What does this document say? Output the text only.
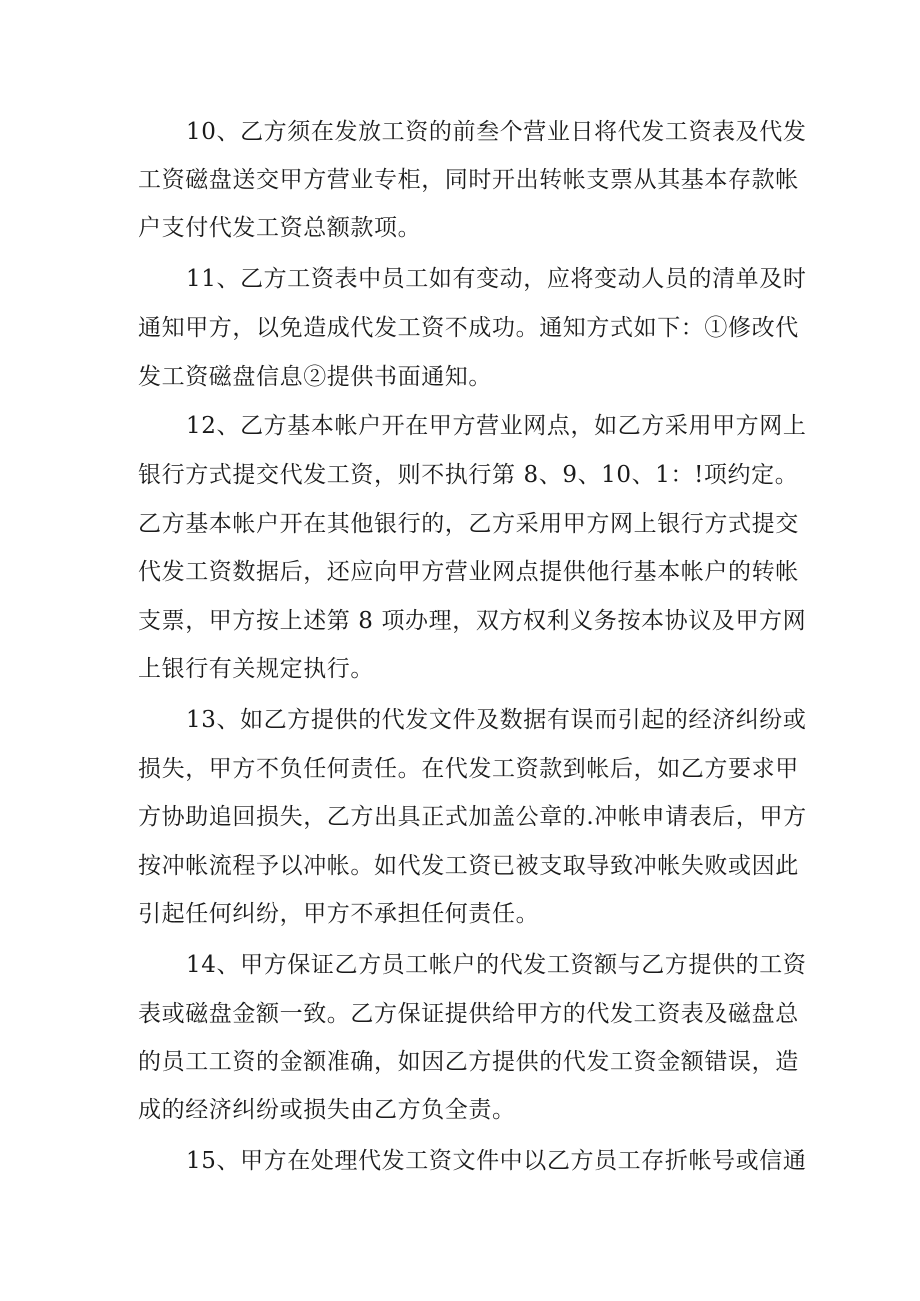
10、乙方须在发放工资的前叁个营业日将代发工资表及代发
工资磁盘送交甲方营业专柜，同时开出转帐支票从其基本存款帐
户支付代发工资总额款项。
11、乙方工资表中员工如有变动，应将变动人员的清单及时
通知甲方，以免造成代发工资不成功。通知方式如下：①修改代
发工资磁盘信息②提供书面通知。
12、乙方基本帐户开在甲方营业网点，如乙方采用甲方网上
银行方式提交代发工资，则不执行第 8、9、10、1：!项约定。
乙方基本帐户开在其他银行的，乙方采用甲方网上银行方式提交
代发工资数据后，还应向甲方营业网点提供他行基本帐户的转帐
支票，甲方按上述第 8 项办理，双方权利义务按本协议及甲方网
上银行有关规定执行。
13、如乙方提供的代发文件及数据有误而引起的经济纠纷或
损失，甲方不负任何责任。在代发工资款到帐后，如乙方要求甲
方协助追回损失，乙方出具正式加盖公章的.冲帐申请表后，甲方
按冲帐流程予以冲帐。如代发工资已被支取导致冲帐失败或因此
引起任何纠纷，甲方不承担任何责任。
14、甲方保证乙方员工帐户的代发工资额与乙方提供的工资
表或磁盘金额一致。乙方保证提供给甲方的代发工资表及磁盘总
的员工工资的金额准确，如因乙方提供的代发工资金额错误，造
成的经济纠纷或损失由乙方负全责。
15、甲方在处理代发工资文件中以乙方员工存折帐号或信通
